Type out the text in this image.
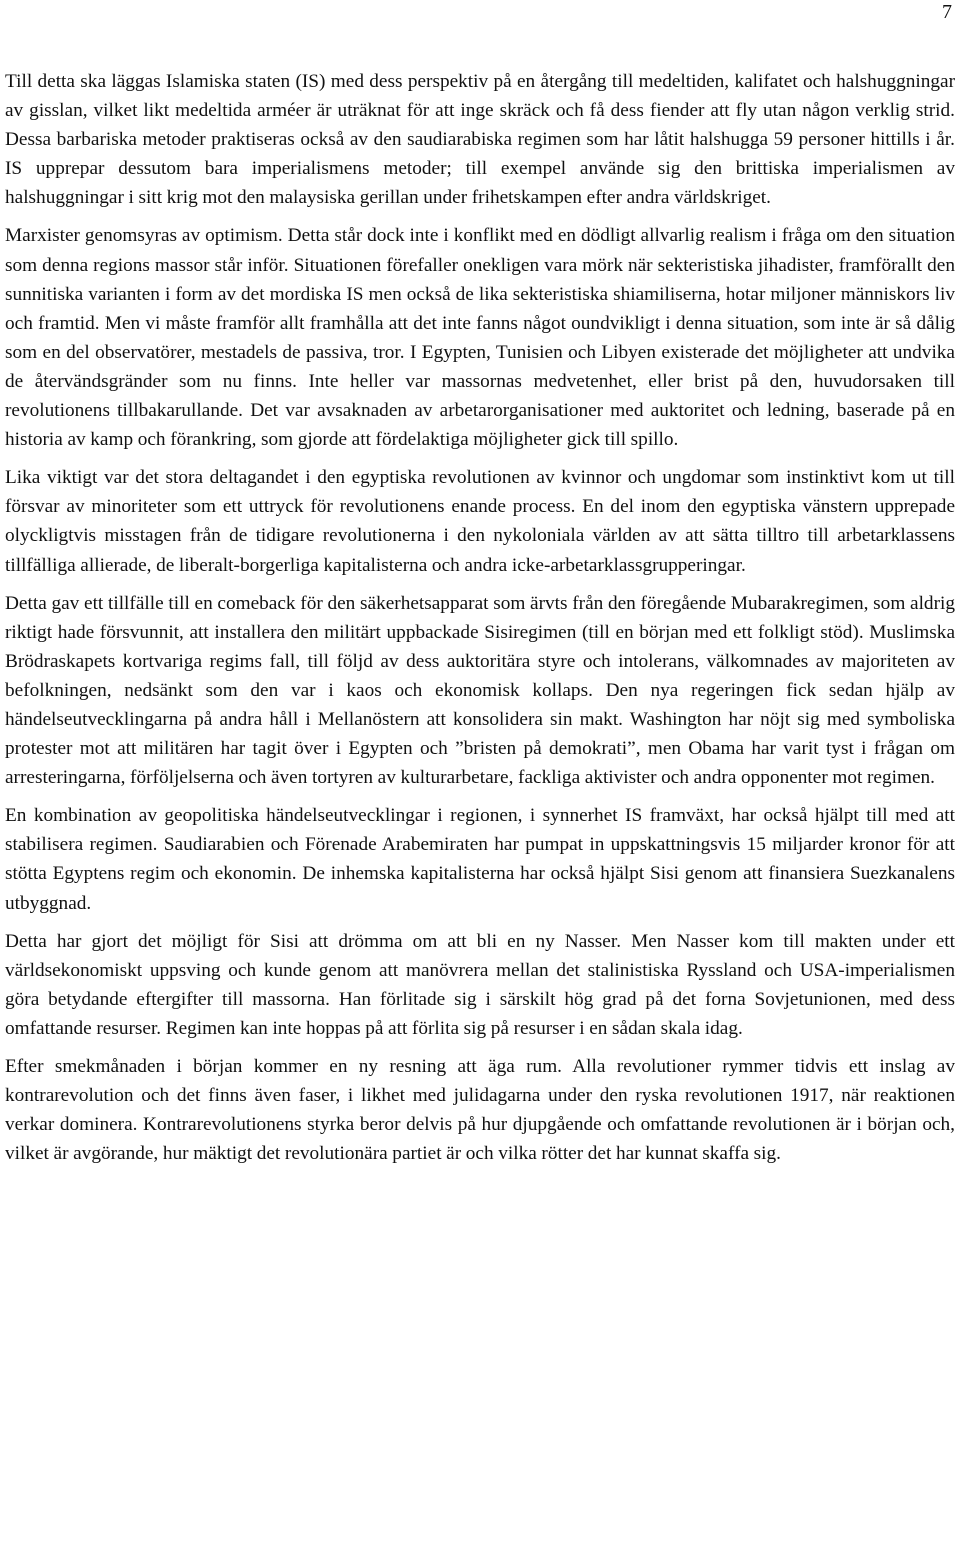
7

Till detta ska läggas Islamiska staten (IS) med dess perspektiv på en återgång till medeltiden, kalifatet och halshuggningar av gisslan, vilket likt medeltida arméer är uträknat för att inge skräck och få dess fiender att fly utan någon verklig strid. Dessa barbariska metoder praktiseras också av den saudiarabiska regimen som har låtit halshugga 59 personer hittills i år. IS upprepar dessutom bara imperialismens metoder; till exempel använde sig den brittiska imperialismen av halshuggningar i sitt krig mot den malaysiska gerillan under frihetskampen efter andra världskriget.

Marxister genomsyras av optimism. Detta står dock inte i konflikt med en dödligt allvarlig realism i fråga om den situation som denna regions massor står inför. Situationen förefaller onekligen vara mörk när sekteristiska jihadister, framförallt den sunnitiska varianten i form av det mordiska IS men också de lika sekteristiska shiamiliserna, hotar miljoner människors liv och framtid. Men vi måste framför allt framhålla att det inte fanns något oundvikligt i denna situation, som inte är så dålig som en del observatörer, mestadels de passiva, tror. I Egypten, Tunisien och Libyen existerade det möjligheter att undvika de återvändsgränder som nu finns. Inte heller var massornas medvetenhet, eller brist på den, huvudorsaken till revolutionens tillbakarullande. Det var avsaknaden av arbetarorganisationer med auktoritet och ledning, baserade på en historia av kamp och förankring, som gjorde att fördelaktiga möjligheter gick till spillo.

Lika viktigt var det stora deltagandet i den egyptiska revolutionen av kvinnor och ungdomar som instinktivt kom ut till försvar av minoriteter som ett uttryck för revolutionens enande process. En del inom den egyptiska vänstern upprepade olyckligtvis misstagen från de tidigare revolutionerna i den nykoloniala världen av att sätta tilltro till arbetarklassens tillfälliga allierade, de liberalt-borgerliga kapitalisterna och andra icke-arbetarklassgrupperingar.

Detta gav ett tillfälle till en comeback för den säkerhetsapparat som ärvts från den föregående Mubarakregimen, som aldrig riktigt hade försvunnit, att installera den militärt uppbackade Sisiregimen (till en början med ett folkligt stöd). Muslimska Brödraskapets kortvariga regims fall, till följd av dess auktoritära styre och intolerans, välkomnades av majoriteten av befolkningen, nedsänkt som den var i kaos och ekonomisk kollaps. Den nya regeringen fick sedan hjälp av händelseutvecklingarna på andra håll i Mellanöstern att konsolidera sin makt. Washington har nöjt sig med symboliska protester mot att militären har tagit över i Egypten och ”bristen på demokrati”, men Obama har varit tyst i frågan om arresteringarna, förföljelserna och även tortyren av kulturarbetare, fackliga aktivister och andra opponenter mot regimen.

En kombination av geopolitiska händelseutvecklingar i regionen, i synnerhet IS framväxt, har också hjälpt till med att stabilisera regimen. Saudiarabien och Förenade Arabemiraten har pumpat in uppskattningsvis 15 miljarder kronor för att stötta Egyptens regim och ekonomin. De inhemska kapitalisterna har också hjälpt Sisi genom att finansiera Suezkanalens utbyggnad.

Detta har gjort det möjligt för Sisi att drömma om att bli en ny Nasser. Men Nasser kom till makten under ett världsekonomiskt uppsving och kunde genom att manövrera mellan det stalinistiska Ryssland och USA-imperialismen göra betydande eftergifter till massorna. Han förlitade sig i särskilt hög grad på det forna Sovjetunionen, med dess omfattande resurser. Regimen kan inte hoppas på att förlita sig på resurser i en sådan skala idag.

Efter smekmånaden i början kommer en ny resning att äga rum. Alla revolutioner rymmer tidvis ett inslag av kontrarevolution och det finns även faser, i likhet med julidagarna under den ryska revolutionen 1917, när reaktionen verkar dominera. Kontrarevolutionens styrka beror delvis på hur djupgående och omfattande revolutionen är i början och, vilket är avgörande, hur mäktigt det revolutionära partiet är och vilka rötter det har kunnat skaffa sig.
